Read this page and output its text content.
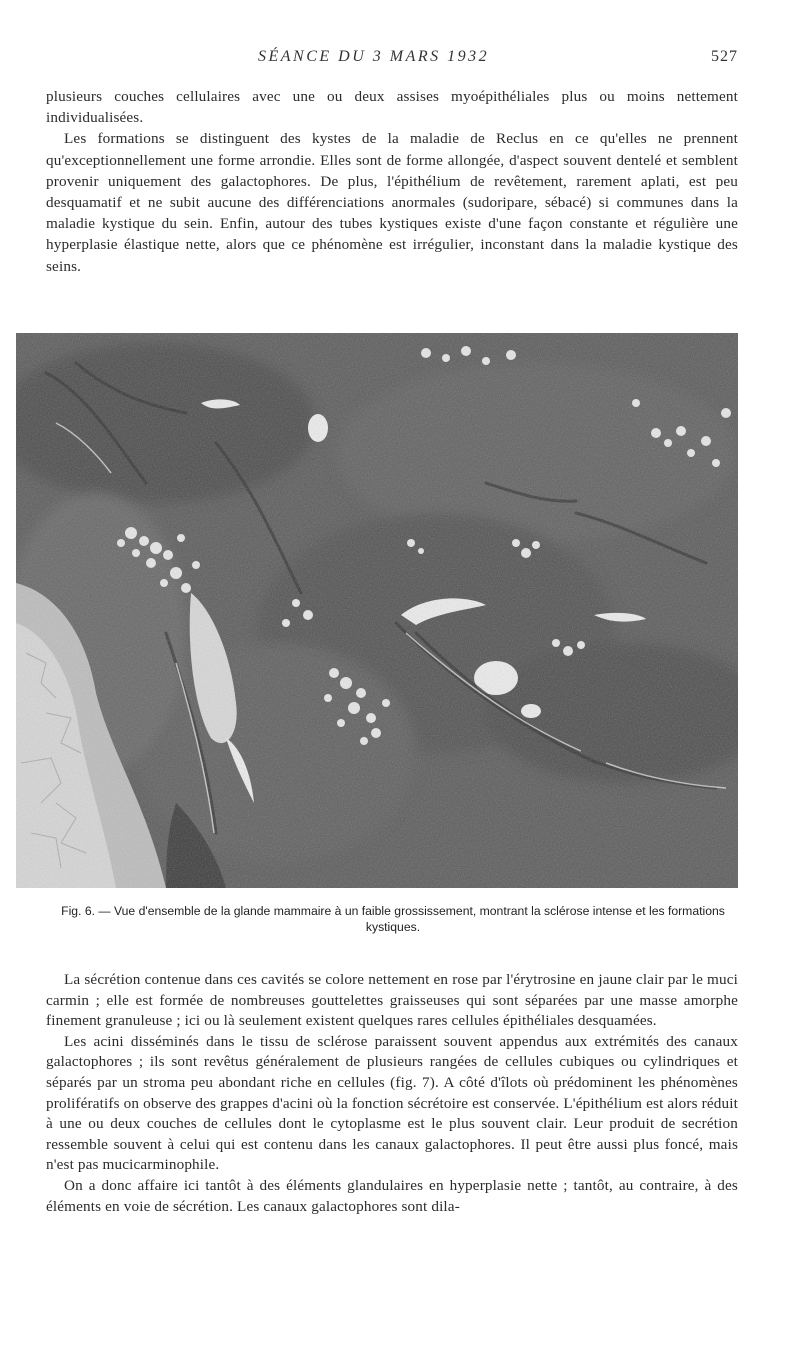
SÉANCE DU 3 MARS 1932	527

plusieurs couches cellulaires avec une ou deux assises myoépithéliales plus ou moins nettement individualisées.

Les formations se distinguent des kystes de la maladie de Reclus en ce qu'elles ne prennent qu'exceptionnellement une forme arrondie. Elles sont de forme allongée, d'aspect souvent dentelé et semblent provenir uniquement des galactophores. De plus, l'épithélium de revêtement, rarement aplati, est peu desquamatif et ne subit aucune des différenciations anormales (sudoripare, sébacé) si communes dans la maladie kystique du sein. Enfin, autour des tubes kystiques existe d'une façon constante et régulière une hyperplasie élastique nette, alors que ce phénomène est irrégulier, inconstant dans la maladie kystique des seins.

Fig. 6. — Vue d'ensemble de la glande mammaire à un faible grossissement, montrant la sclérose intense et les formations kystiques.

La sécrétion contenue dans ces cavités se colore nettement en rose par l'érytrosine en jaune clair par le muci carmin ; elle est formée de nombreuses gouttelettes graisseuses qui sont séparées par une masse amorphe finement granuleuse ; ici ou là seulement existent quelques rares cellules épithéliales desquamées.

Les acini disséminés dans le tissu de sclérose paraissent souvent appendus aux extrémités des canaux galactophores ; ils sont revêtus généralement de plusieurs rangées de cellules cubiques ou cylindriques et séparés par un stroma peu abondant riche en cellules (fig. 7). A côté d'îlots où prédominent les phénomènes prolifératifs on observe des grappes d'acini où la fonction sécrétoire est conservée. L'épithélium est alors réduit à une ou deux couches de cellules dont le cytoplasme est le plus souvent clair. Leur produit de secrétion ressemble souvent à celui qui est contenu dans les canaux galactophores. Il peut être aussi plus foncé, mais n'est pas mucicarminophile.

On a donc affaire ici tantôt à des éléments glandulaires en hyperplasie nette ; tantôt, au contraire, à des éléments en voie de sécrétion. Les canaux galactophores sont dila-
